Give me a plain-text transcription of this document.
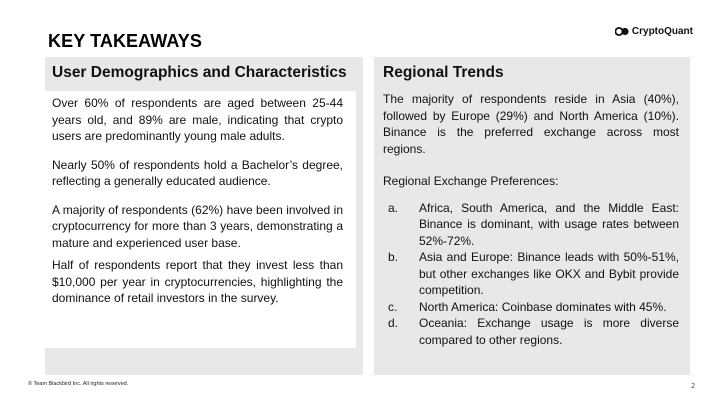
KEY TAKEAWAYS	CryptoQuant
User Demographics and Characteristics

Over 60% of respondents are aged between 25-44 years old, and 89% are male, indicating that crypto users are predominantly young male adults.

Nearly 50% of respondents hold a Bachelor’s degree, reflecting a generally educated audience.

A majority of respondents (62%) have been involved in cryptocurrency for more than 3 years, demonstrating a mature and experienced user base.

Half of respondents report that they invest less than $10,000 per year in cryptocurrencies, highlighting the dominance of retail investors in the survey.

Regional Trends

The majority of respondents reside in Asia (40%), followed by Europe (29%) and North America (10%). Binance is the preferred exchange across most regions.

Regional Exchange Preferences:

a.	Africa, South America, and the Middle East: Binance is dominant, with usage rates between 52%-72%.
b.	Asia and Europe: Binance leads with 50%-51%, but other exchanges like OKX and Bybit provide competition.
c.	North America: Coinbase dominates with 45%.
d.	Oceania: Exchange usage is more diverse compared to other regions.
© Team Blackbird Inc. All rights reserved.	2
